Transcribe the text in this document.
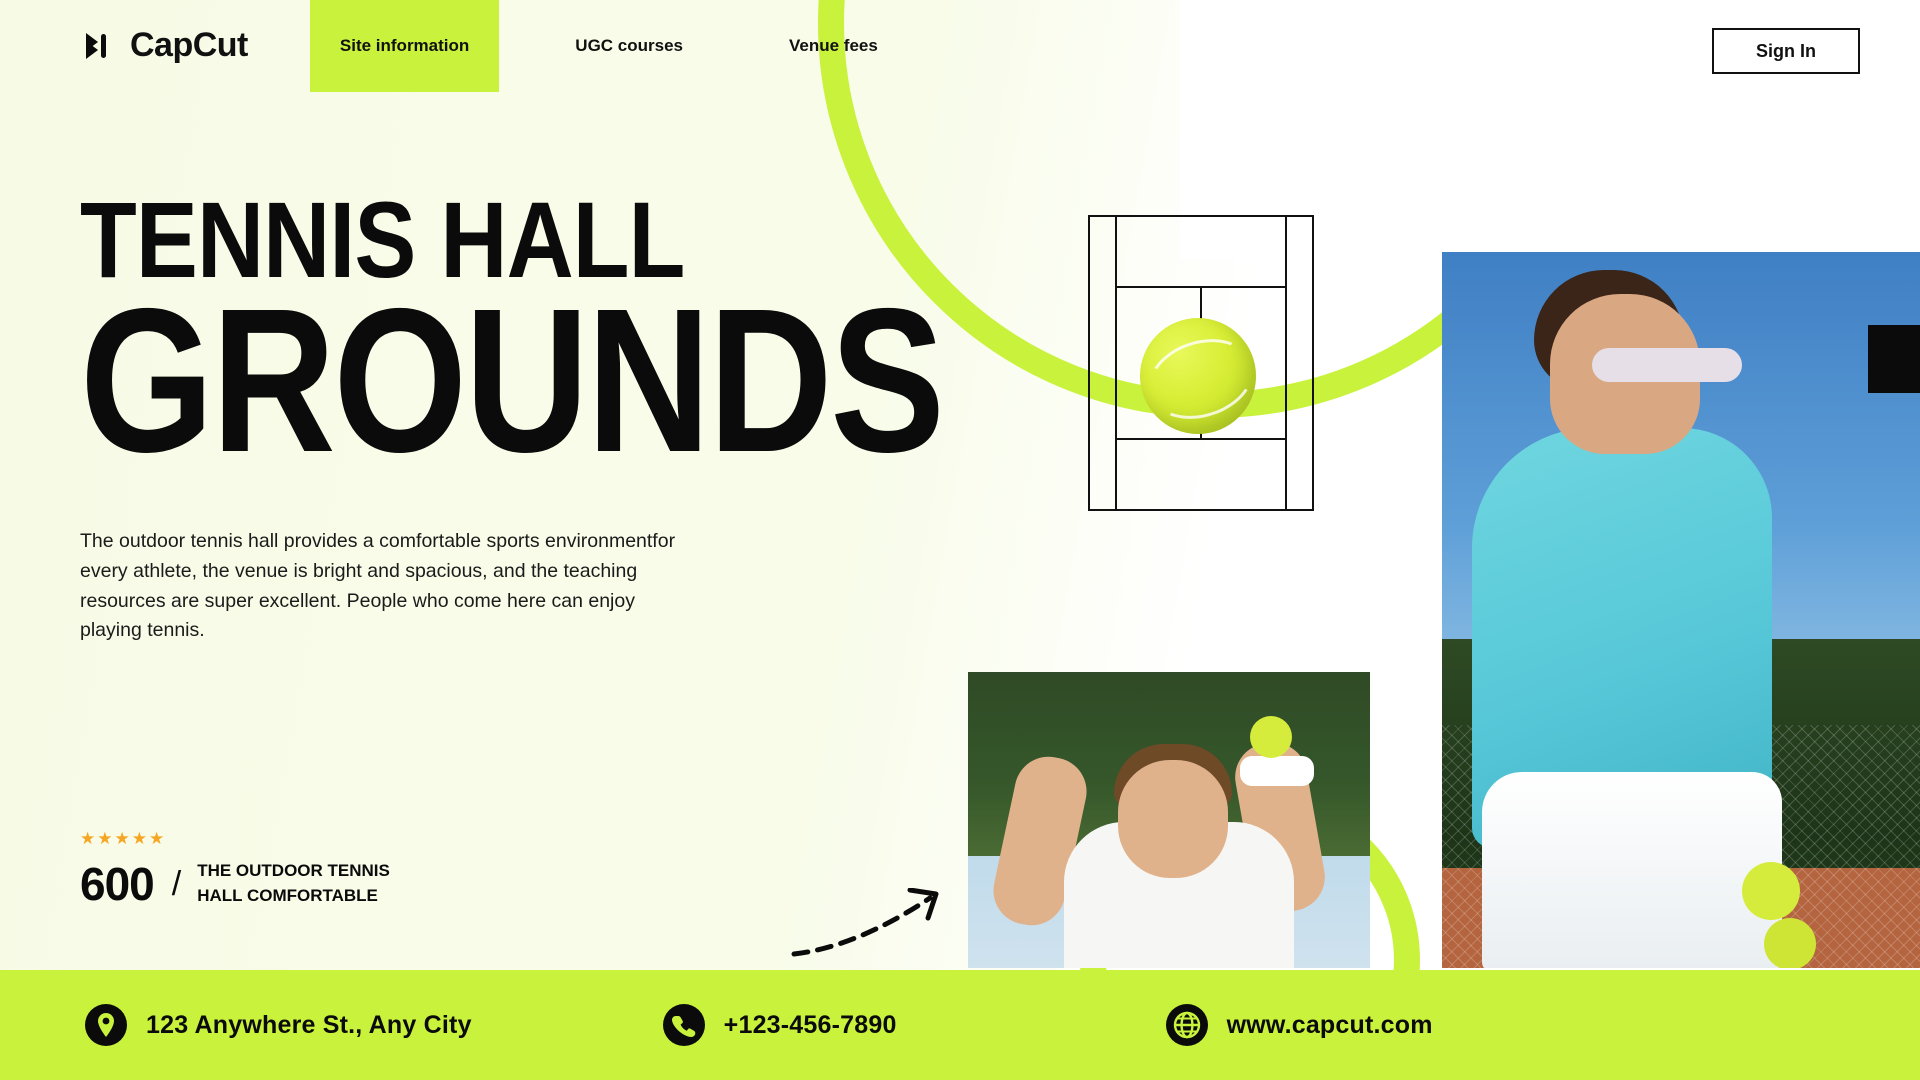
CapCut	Site information	UGC courses	Venue fees	Sign In
TENNIS HALL
GROUNDS

The outdoor tennis hall provides a comfortable sports environmentfor every athlete, the venue is bright and spacious, and the teaching resources are super excellent. People who come here can enjoy playing tennis.

★★★★★
600 / THE OUTDOOR TENNIS
HALL COMFORTABLE
123 Anywhere St., Any City	+123-456-7890	www.capcut.com
